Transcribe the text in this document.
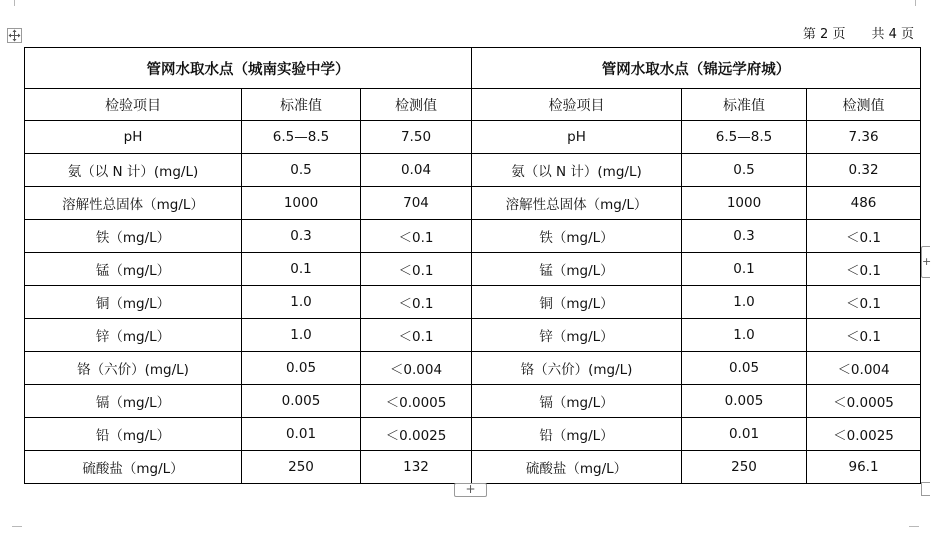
第 2 页 共 4 页
管网水取水点（城南实验中学）			管网水取水点（锦远学府城）		
检验项目	标准值	检测值	检验项目	标准值	检测值
pH	6.5—8.5	7.50	pH	6.5—8.5	7.36
氨（以 N 计）(mg/L)	0.5	0.04	氨（以 N 计）(mg/L)	0.5	0.32
溶解性总固体（mg/L）	1000	704	溶解性总固体（mg/L）	1000	486
铁（mg/L）	0.3	＜0.1	铁（mg/L）	0.3	＜0.1
锰（mg/L）	0.1	＜0.1	锰（mg/L）	0.1	＜0.1
铜（mg/L）	1.0	＜0.1	铜（mg/L）	1.0	＜0.1
锌（mg/L）	1.0	＜0.1	锌（mg/L）	1.0	＜0.1
铬（六价）(mg/L)	0.05	＜0.004	铬（六价）(mg/L)	0.05	＜0.004
镉（mg/L）	0.005	＜0.0005	镉（mg/L）	0.005	＜0.0005
铅（mg/L）	0.01	＜0.0025	铅（mg/L）	0.01	＜0.0025
硫酸盐（mg/L）	250	132	硫酸盐（mg/L）	250	96.1
+
+
